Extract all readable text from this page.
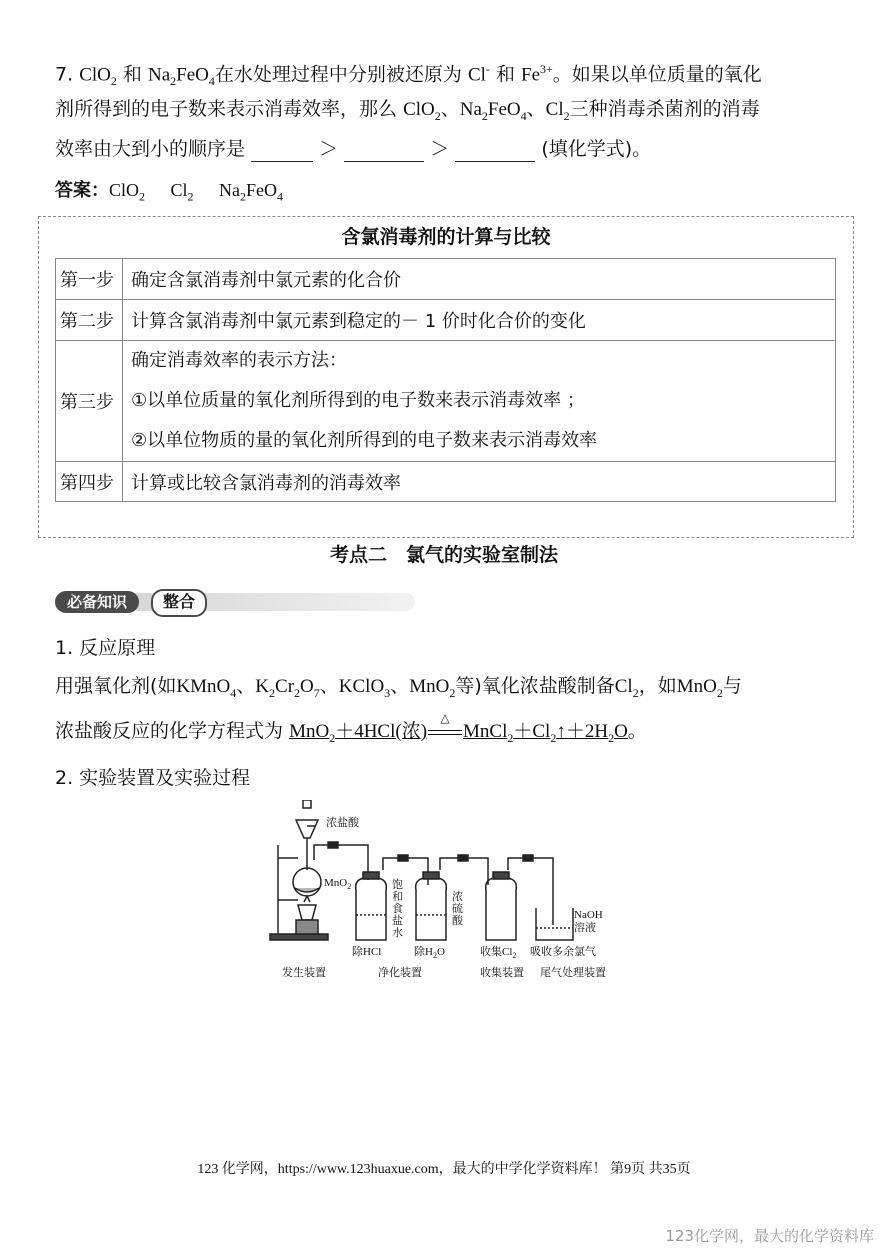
7. ClO$_2$ 和 $Na_2FeO_4$在水处理过程中分别被还原为 Cl- 和 $Fe^{3+}$。如果以单位质量的氧化
剂所得到的电子数来表示消毒效率，那么 ClO$_2$、$Na_2FeO_4$、$Cl_2$三种消毒杀菌剂的消毒
效率由大到小的顺序是	＞	＞	(填化学式)。
答案：ClO$_2$ $Cl_2$ $Na_2FeO_4$
含氯消毒剂的计算与比较
第一步	确定含氯消毒剂中氯元素的化合价
第二步	计算含氯消毒剂中氯元素到稳定的－ 1 价时化合价的变化
第三步	确定消毒效率的表示方法：
①以单位质量的氧化剂所得到的电子数来表示消毒效率 ；
②以单位物质的量的氧化剂所得到的电子数来表示消毒效率

第四步	计算或比较含氯消毒剂的消毒效率
考点二　氯气的实验室制法
必备知识	整合
1. 反应原理
用强氧化剂(如KMnO$_4$、$K_2Cr_2O_7$、KClO$_3$、MnO$_2$等)氧化浓盐酸制备$Cl_2$，如MnO$_2$与
浓盐酸反应的化学方程式为 MnO$_2$＋4HCl(浓)
△
$MnCl_2+Cl_2↑+2H_2O$。
2. 实验装置及实验过程
浓盐酸
MnO$_2$	饱
和
食
盐
水
浓
硫
酸	NaOH
溶液
除HCl	除$H_2O$	收集$Cl_2$ 吸收多余氯气
发生装置	净化装置	收集装置 尾气处理装置
123 化学网，https://www.123huaxue.com，最大的中学化学资料库！ 第9页 共35页
123化学网，最大的化学资料库
